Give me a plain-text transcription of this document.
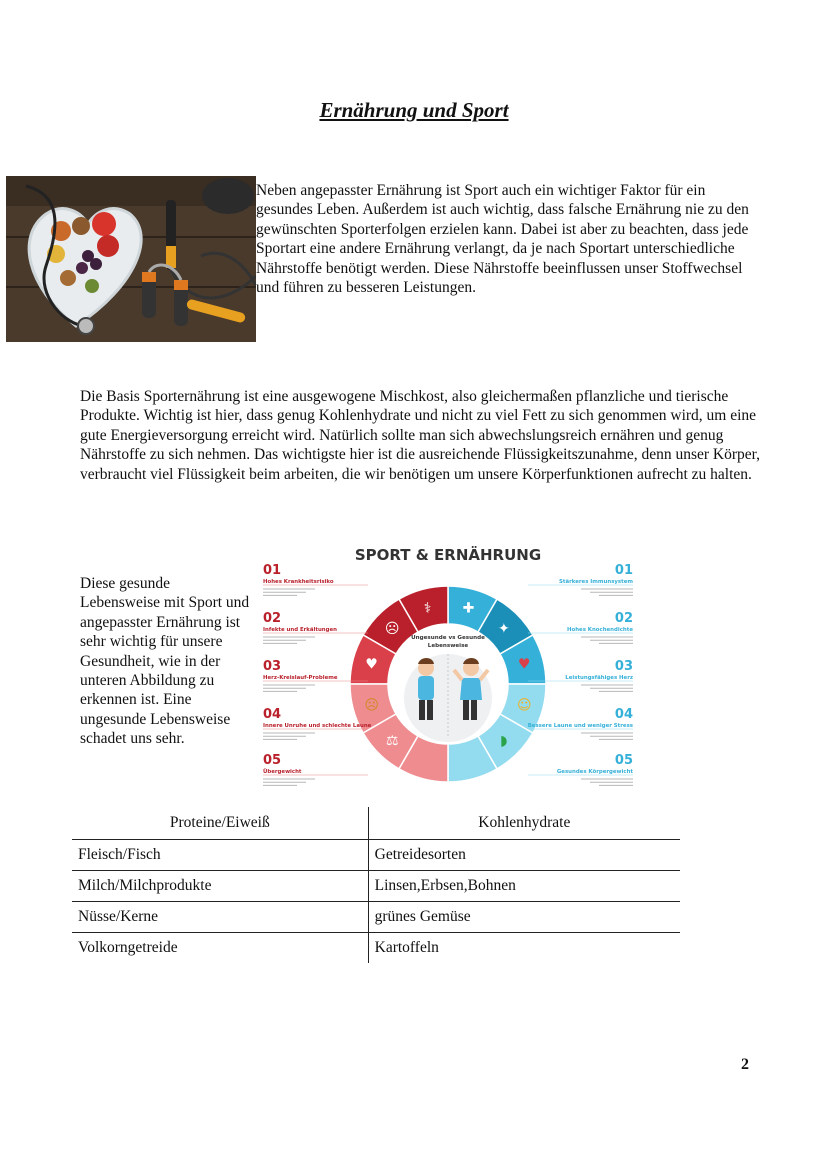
Ernährung und Sport
Neben angepasster Ernährung ist Sport auch ein wichtiger Faktor für ein gesundes Leben. Außerdem ist auch wichtig, dass falsche Ernährung nie zu den gewünschten Sporterfolgen erzielen kann. Dabei ist aber zu beachten, dass jede Sportart eine andere Ernährung verlangt, da je nach Sportart unterschiedliche Nährstoffe benötigt werden. Diese Nährstoffe beeinflussen unser Stoffwechsel und führen zu besseren Leistungen.
Die Basis Sporternährung ist eine ausgewogene Mischkost, also gleichermaßen pflanzliche und tierische Produkte. Wichtig ist hier, dass genug Kohlenhydrate und nicht zu viel Fett zu sich genommen wird, um eine gute Energieversorgung erreicht wird. Natürlich sollte man sich abwechslungsreich ernähren und genug Nährstoffe zu sich nehmen. Das wichtigste hier ist die ausreichende Flüssigkeitszunahme, denn unser Körper, verbraucht viel Flüssigkeit beim arbeiten, die wir benötigen um unsere Körperfunktionen aufrecht zu halten.
Diese gesunde Lebensweise mit Sport und angepasster Ernährung ist sehr wichtig für unsere Gesundheit, wie in der unteren Abbildung zu erkennen ist. Eine ungesunde Lebensweise schadet uns sehr.
SPORT & ERNÄHRUNG
✚
✦
♥
☺
◗
⚕
☹
♥
☹
⚖
Ungesunde vs Gesunde
Lebensweise
01
Hohes Krankheitsrisiko
02
Infekte und Erkältungen
03
Herz-Kreislauf-Probleme
04
Innere Unruhe und schlechte Laune
05
Übergewicht
01
Stärkeres Immunsystem
02
Hohes Knochendichte
03
Leistungsfähiges Herz
04
Bessere Laune und weniger Stress
05
Gesundes Körpergewicht
Proteine/Eiweiß	Kohlenhydrate
Fleisch/Fisch	Getreidesorten
Milch/Milchprodukte	Linsen,Erbsen,Bohnen
Nüsse/Kerne	grünes Gemüse
Volkorngetreide	Kartoffeln
2
